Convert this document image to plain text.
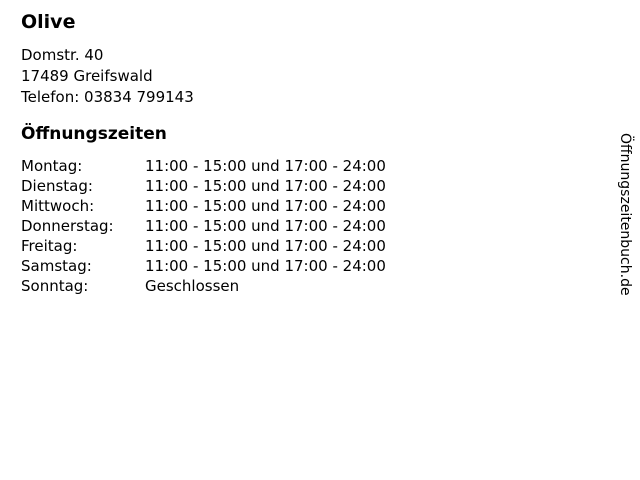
Olive
Domstr. 40
17489 Greifswald
Telefon: 03834 799143
Öffnungszeiten
Montag:	11:00 - 15:00 und 17:00 - 24:00
Dienstag:	11:00 - 15:00 und 17:00 - 24:00
Mittwoch:	11:00 - 15:00 und 17:00 - 24:00
Donnerstag:	11:00 - 15:00 und 17:00 - 24:00
Freitag:	11:00 - 15:00 und 17:00 - 24:00
Samstag:	11:00 - 15:00 und 17:00 - 24:00
Sonntag:	Geschlossen	Öffnungszeitenbuch.de
